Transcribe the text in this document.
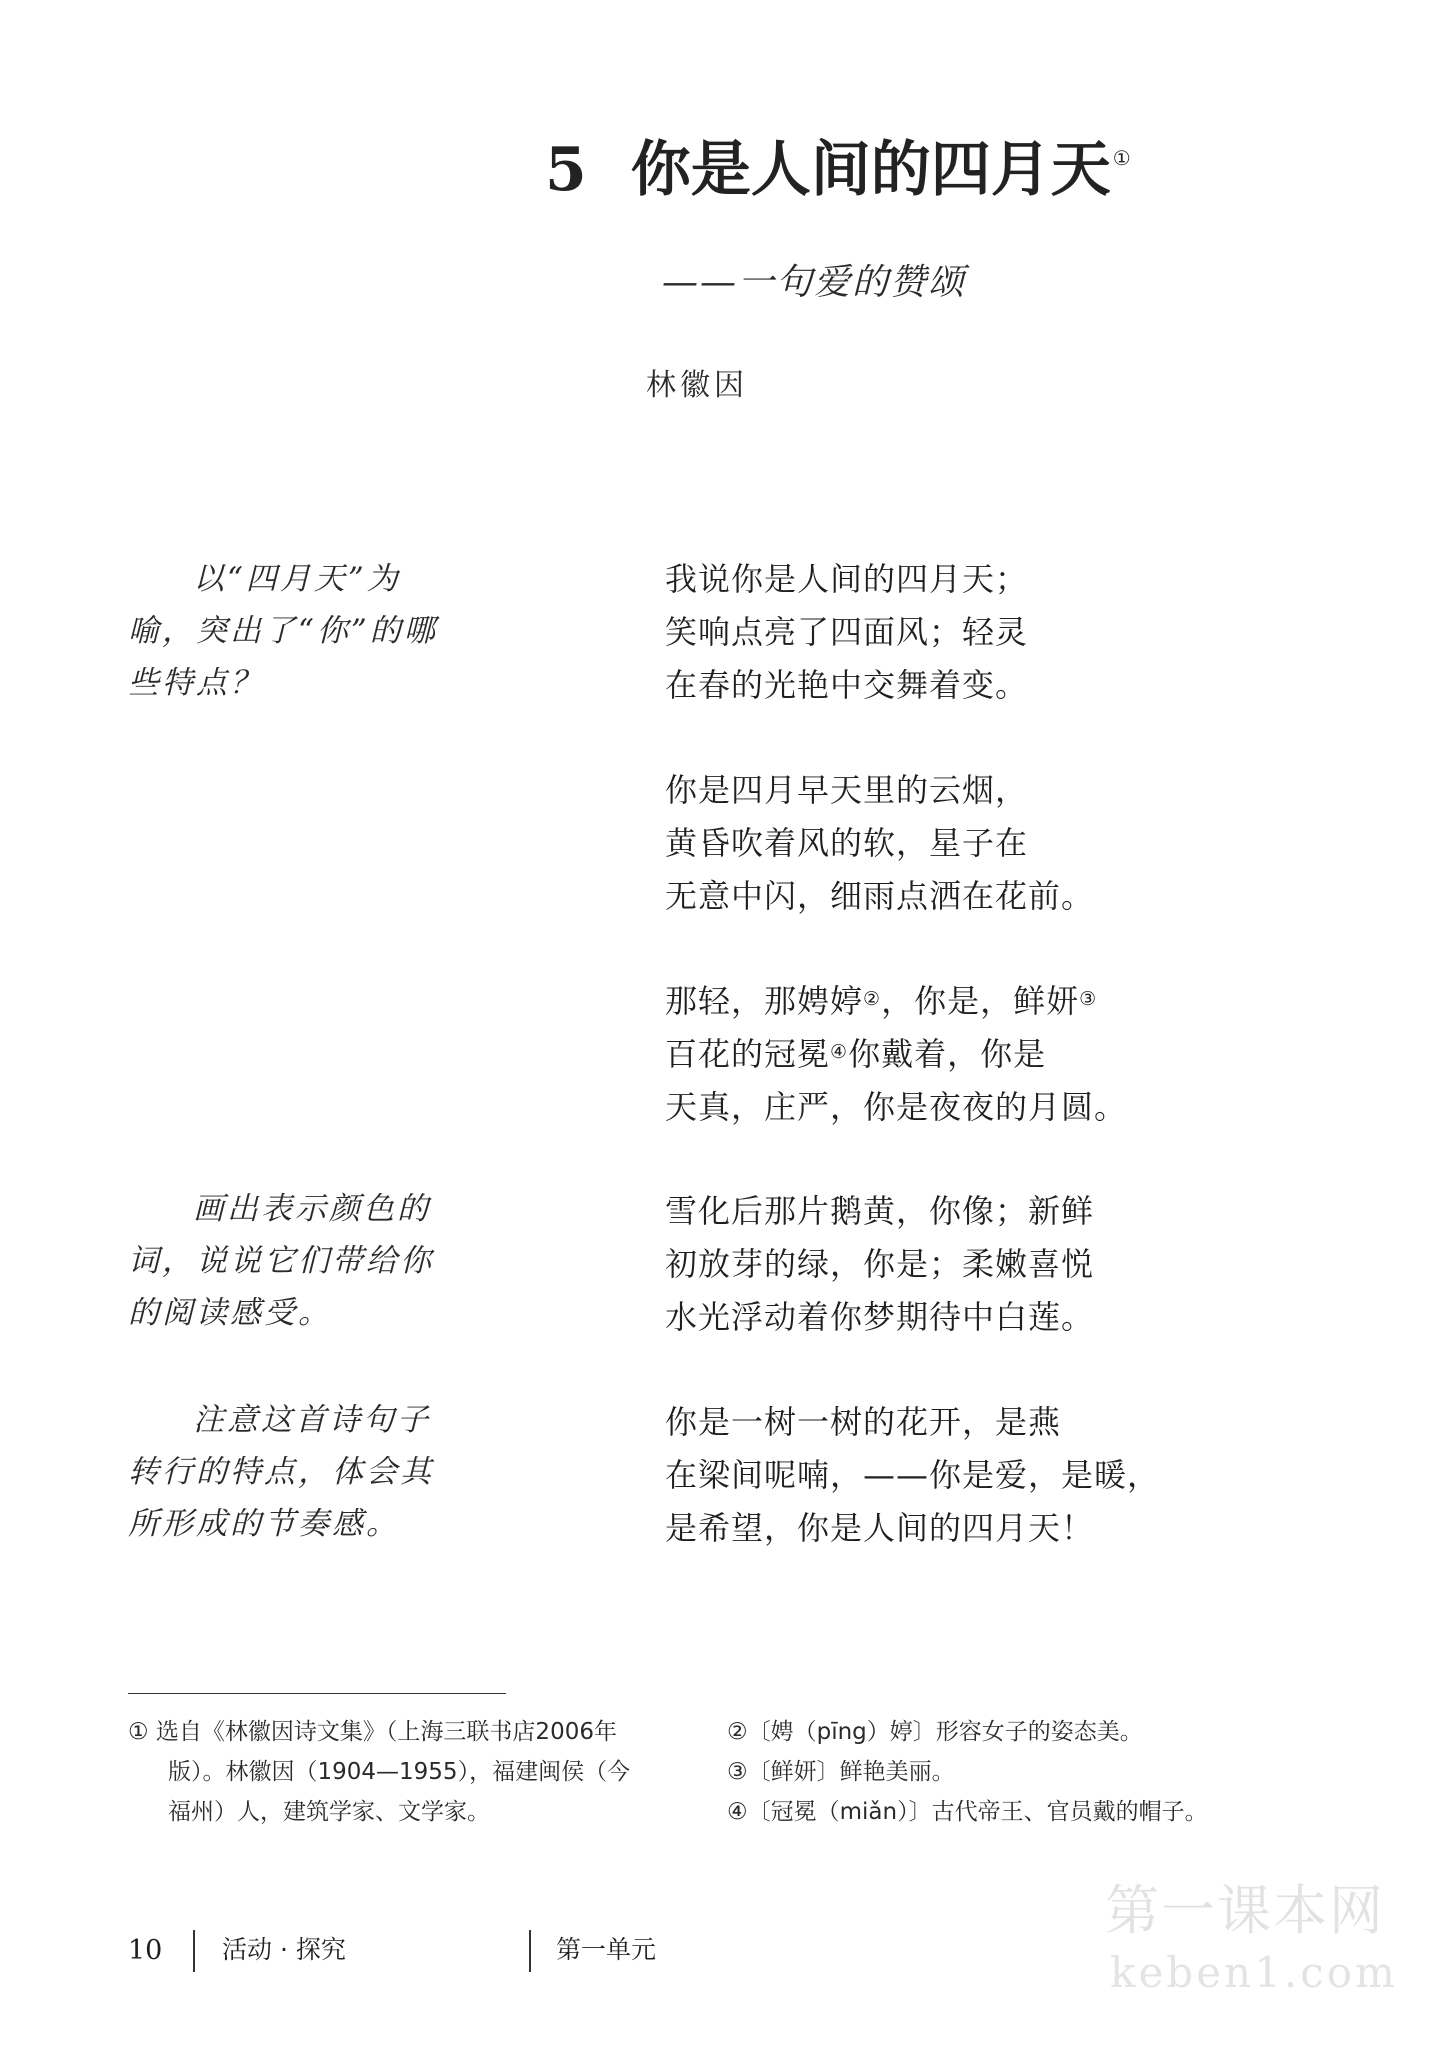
5 你是人间的四月天 ①
——一句爱的赞颂
林徽因
以“四月天”为喻，突出了“你”的哪些特点？
画出表示颜色的词，说说它们带给你的阅读感受。
注意这首诗句子转行的特点，体会其所形成的节奏感。
我说你是人间的四月天；
笑响点亮了四面风；轻灵
在春的光艳中交舞着变。
你是四月早天里的云烟，
黄昏吹着风的软，星子在
无意中闪，细雨点洒在花前。
那轻，那娉婷②，你是，鲜妍③
百花的冠冕④你戴着，你是
天真，庄严，你是夜夜的月圆。
雪化后那片鹅黄，你像；新鲜
初放芽的绿，你是；柔嫩喜悦
水光浮动着你梦期待中白莲。
你是一树一树的花开，是燕
在梁间呢喃，——你是爱，是暖，
是希望，你是人间的四月天！
① 选自《林徽因诗文集》（上海三联书店2006年
版）。林徽因（1904—1955），福建闽侯（今
福州）人，建筑学家、文学家。
②〔娉（pīng）婷〕形容女子的姿态美。
③〔鲜妍〕鲜艳美丽。
④〔冠冕（miǎn）〕古代帝王、官员戴的帽子。
10 活动 · 探究	第一单元
第一课本网
keben1.com
